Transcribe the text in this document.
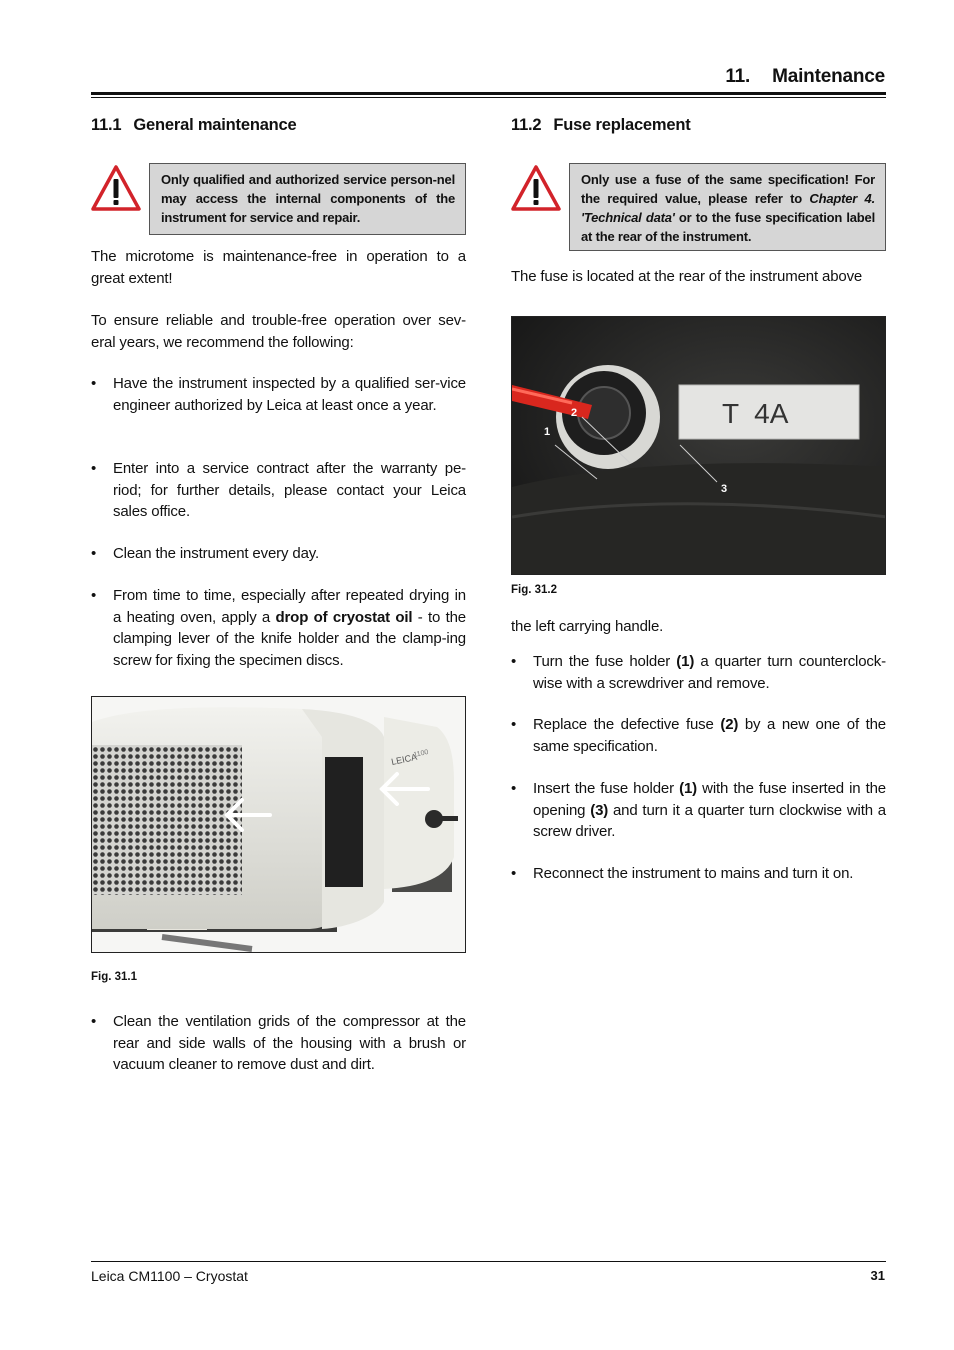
11. Maintenance
11.1 General maintenance
Only qualified and authorized service person-nel may access the internal components of the instrument for service and repair.
The microtome is maintenance-free in operation to a great extent!
To ensure reliable and trouble-free operation over sev-eral years, we recommend the following:
• Have the instrument inspected by a qualified ser-vice engineer authorized by Leica at least once a year.
• Enter into a service contract after the warranty pe-riod; for further details, please contact your Leica sales office.
• Clean the instrument every day.
• From time to time, especially after repeated drying in a heating oven, apply a drop of cryostat oil - to the clamping lever of the knife holder and the clamp-ing screw for fixing the specimen discs.
LEICA
1100
Fig. 31.1
• Clean the ventilation grids of the compressor at the rear and side walls of the housing with a brush or vacuum cleaner to remove dust and dirt.
11.2 Fuse replacement
Only use a fuse of the same specification! For the required value, please refer to Chapter 4. 'Technical data' or to the fuse specification label at the rear of the instrument.
The fuse is located at the rear of the instrument above
T  4A
1
2
3
Fig. 31.2
the left carrying handle.
• Turn the fuse holder (1) a quarter turn counterclock-wise with a screwdriver and remove.
• Replace the defective fuse (2) by a new one of the same specification.
• Insert the fuse holder (1) with the fuse inserted in the opening (3) and turn it a quarter turn clockwise with a screw driver.
• Reconnect the instrument to mains and turn it on.
Leica CM1100 – Cryostat	31
